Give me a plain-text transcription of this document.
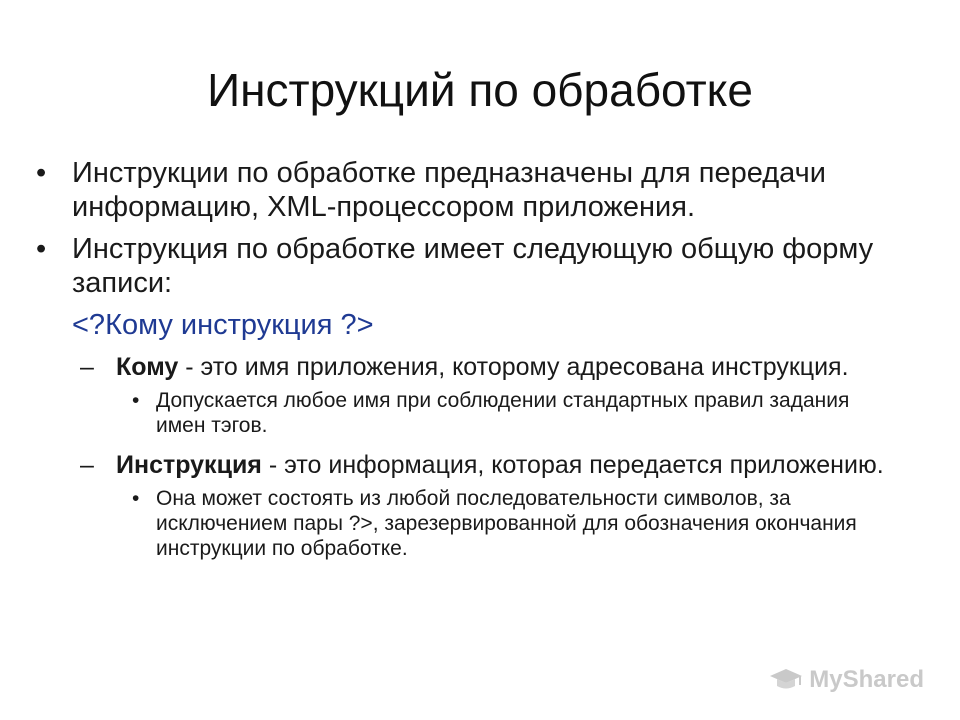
Инструкций по обработке
• Инструкции по обработке предназначены для передачи информацию, XML-процессором приложения.
• Инструкция по обработке имеет следующую общую форму записи:
<?Кому инструкция ?>
– Кому - это имя приложения, которому адресована инструкция.
• Допускается любое имя при соблюдении стандартных правил задания имен тэгов.
– Инструкция - это информация, которая передается приложению.
• Она может состоять из любой последовательности символов, за исключением пары ?>, зарезервированной для обозначения окончания инструкции по обработке.
MyShared
